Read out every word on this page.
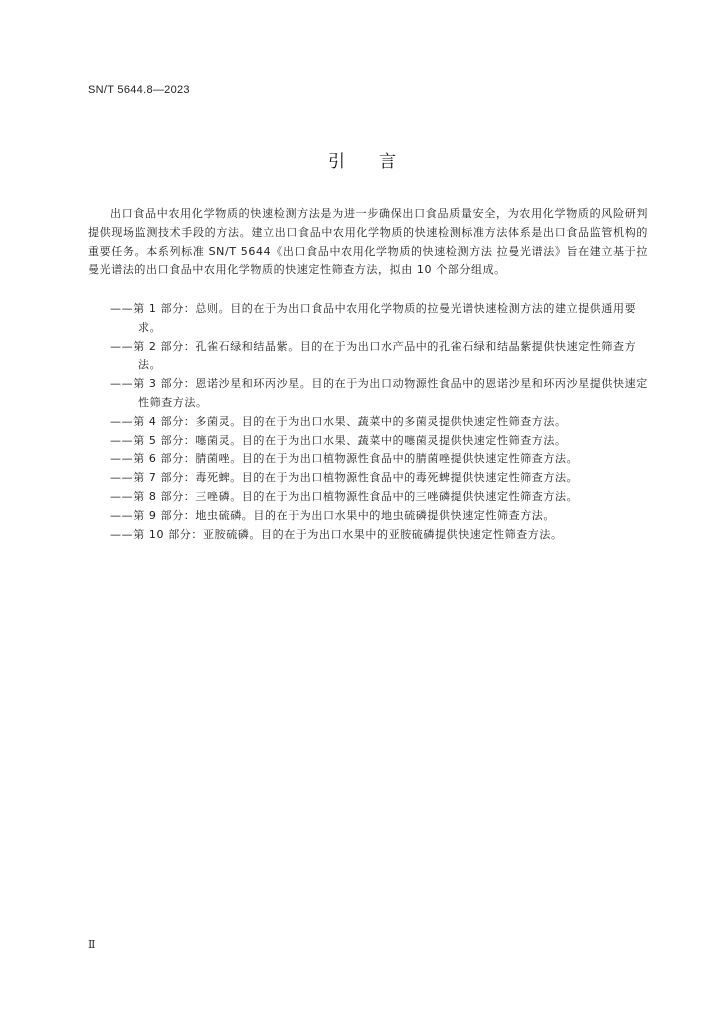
SN/T 5644.8—2023
引言

出口食品中农用化学物质的快速检测方法是为进一步确保出口食品质量安全，为农用化学物质的风险研判提供现场监测技术手段的方法。建立出口食品中农用化学物质的快速检测标准方法体系是出口食品监管机构的重要任务。本系列标准 SN/T 5644《出口食品中农用化学物质的快速检测方法 拉曼光谱法》旨在建立基于拉曼光谱法的出口食品中农用化学物质的快速定性筛查方法，拟由 10 个部分组成。

——第 1 部分：总则。目的在于为出口食品中农用化学物质的拉曼光谱快速检测方法的建立提供通用要求。
——第 2 部分：孔雀石绿和结晶紫。目的在于为出口水产品中的孔雀石绿和结晶紫提供快速定性筛查方法。
——第 3 部分：恩诺沙星和环丙沙星。目的在于为出口动物源性食品中的恩诺沙星和环丙沙星提供快速定性筛查方法。
——第 4 部分：多菌灵。目的在于为出口水果、蔬菜中的多菌灵提供快速定性筛查方法。
——第 5 部分：噻菌灵。目的在于为出口水果、蔬菜中的噻菌灵提供快速定性筛查方法。
——第 6 部分：腈菌唑。目的在于为出口植物源性食品中的腈菌唑提供快速定性筛查方法。
——第 7 部分：毒死蜱。目的在于为出口植物源性食品中的毒死蜱提供快速定性筛查方法。
——第 8 部分：三唑磷。目的在于为出口植物源性食品中的三唑磷提供快速定性筛查方法。
——第 9 部分：地虫硫磷。目的在于为出口水果中的地虫硫磷提供快速定性筛查方法。
——第 10 部分：亚胺硫磷。目的在于为出口水果中的亚胺硫磷提供快速定性筛查方法。
Ⅱ
